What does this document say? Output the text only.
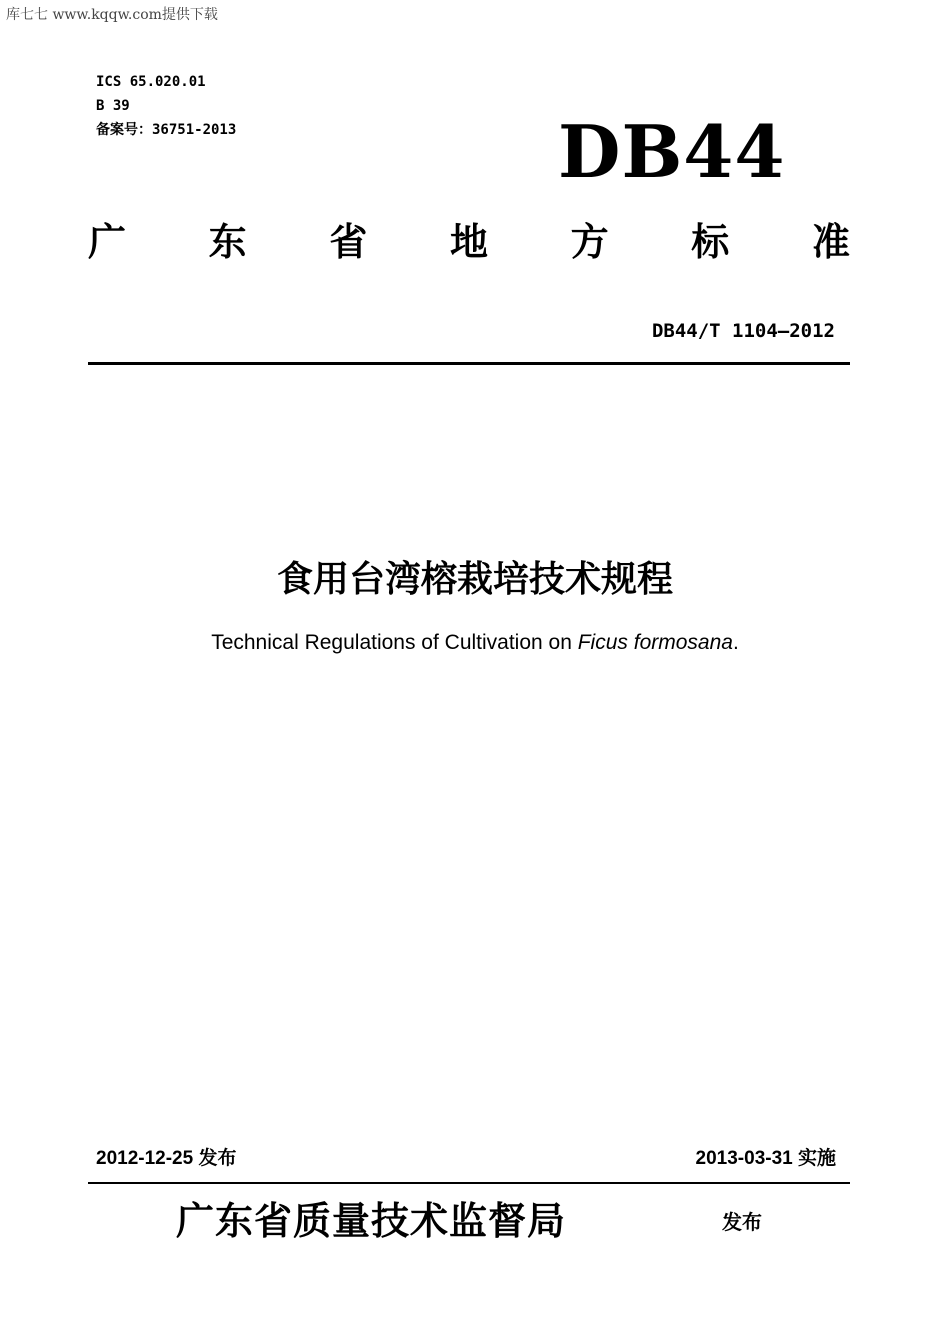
库七七 www.kqqw.com提供下载
ICS 65.020.01
B 39
备案号：36751-2013	DB44
广 东 省 地 方 标 准
DB44/T 1104—2012
食用台湾榕栽培技术规程
Technical Regulations of Cultivation on Ficus formosana.
2012-12-25 发布	2013-03-31 实施
广东省质量技术监督局	发布
